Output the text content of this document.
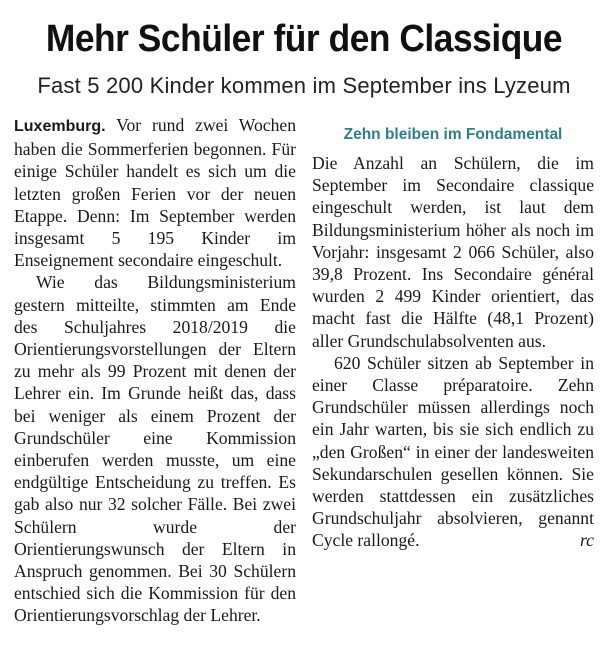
Mehr Schüler für den Classique
Fast 5 200 Kinder kommen im September ins Lyzeum

Luxemburg. Vor rund zwei Wochen haben die Sommerferien begonnen. Für einige Schüler handelt es sich um die letzten großen Ferien vor der neuen Etappe. Denn: Im September werden insgesamt 5 195 Kinder im Enseignement secondaire eingeschult.

Wie das Bildungsministerium gestern mitteilte, stimmten am Ende des Schuljahres 2018/2019 die Orientierungsvorstellungen der Eltern zu mehr als 99 Prozent mit denen der Lehrer ein. Im Grunde heißt das, dass bei weniger als einem Prozent der Grundschüler eine Kommission einberufen werden musste, um eine endgültige Entscheidung zu treffen. Es gab also nur 32 solcher Fälle. Bei zwei Schülern wurde der Orientierungswunsch der Eltern in Anspruch genommen. Bei 30 Schülern entschied sich die Kommission für den Orientierungsvorschlag der Lehrer.

Zehn bleiben im Fondamental

Die Anzahl an Schülern, die im September im Secondaire classique eingeschult werden, ist laut dem Bildungsministerium höher als noch im Vorjahr: insgesamt 2 066 Schüler, also 39,8 Prozent. Ins Secondaire général wurden 2 499 Kinder orientiert, das macht fast die Hälfte (48,1 Prozent) aller Grundschulabsolventen aus.

620 Schüler sitzen ab September in einer Classe préparatoire. Zehn Grundschüler müssen allerdings noch ein Jahr warten, bis sie sich endlich zu „den Großen“ in einer der landesweiten Sekundarschulen gesellen können. Sie werden stattdessen ein zusätzliches Grundschuljahr absolvieren, genannt Cycle rallongé.	rc
